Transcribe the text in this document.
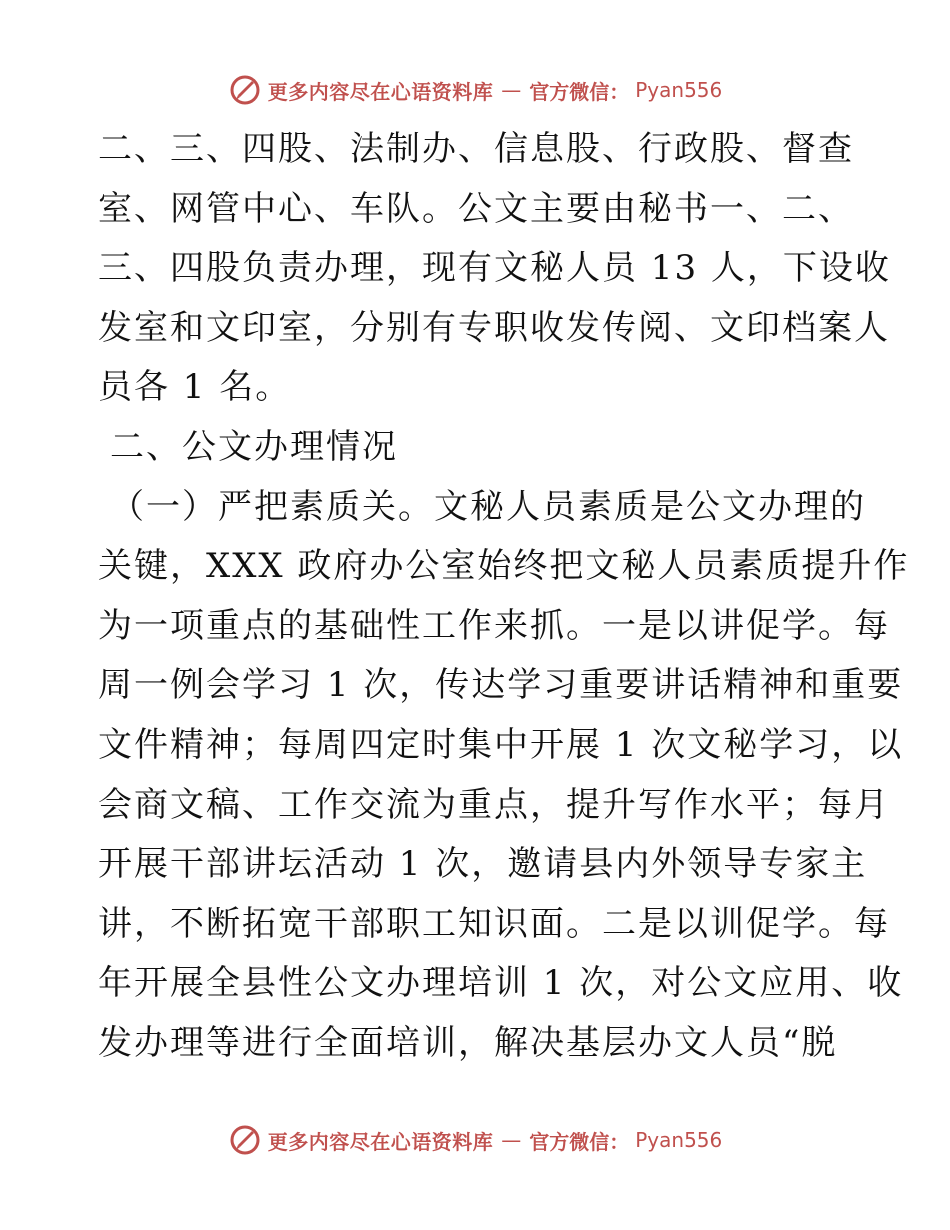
更多内容尽在心语资料库 — 官方微信： Pyan556
二、三、四股、法制办、信息股、行政股、督查
室、网管中心、车队。公文主要由秘书一、二、
三、四股负责办理，现有文秘人员 13 人，下设收
发室和文印室，分别有专职收发传阅、文印档案人
员各 1 名。
二、公文办理情况
（一）严把素质关。文秘人员素质是公文办理的
关键，XXX 政府办公室始终把文秘人员素质提升作
为一项重点的基础性工作来抓。一是以讲促学。每
周一例会学习 1 次，传达学习重要讲话精神和重要
文件精神；每周四定时集中开展 1 次文秘学习，以
会商文稿、工作交流为重点，提升写作水平；每月
开展干部讲坛活动 1 次，邀请县内外领导专家主
讲，不断拓宽干部职工知识面。二是以训促学。每
年开展全县性公文办理培训 1 次，对公文应用、收
发办理等进行全面培训，解决基层办文人员“脱
更多内容尽在心语资料库 — 官方微信： Pyan556
